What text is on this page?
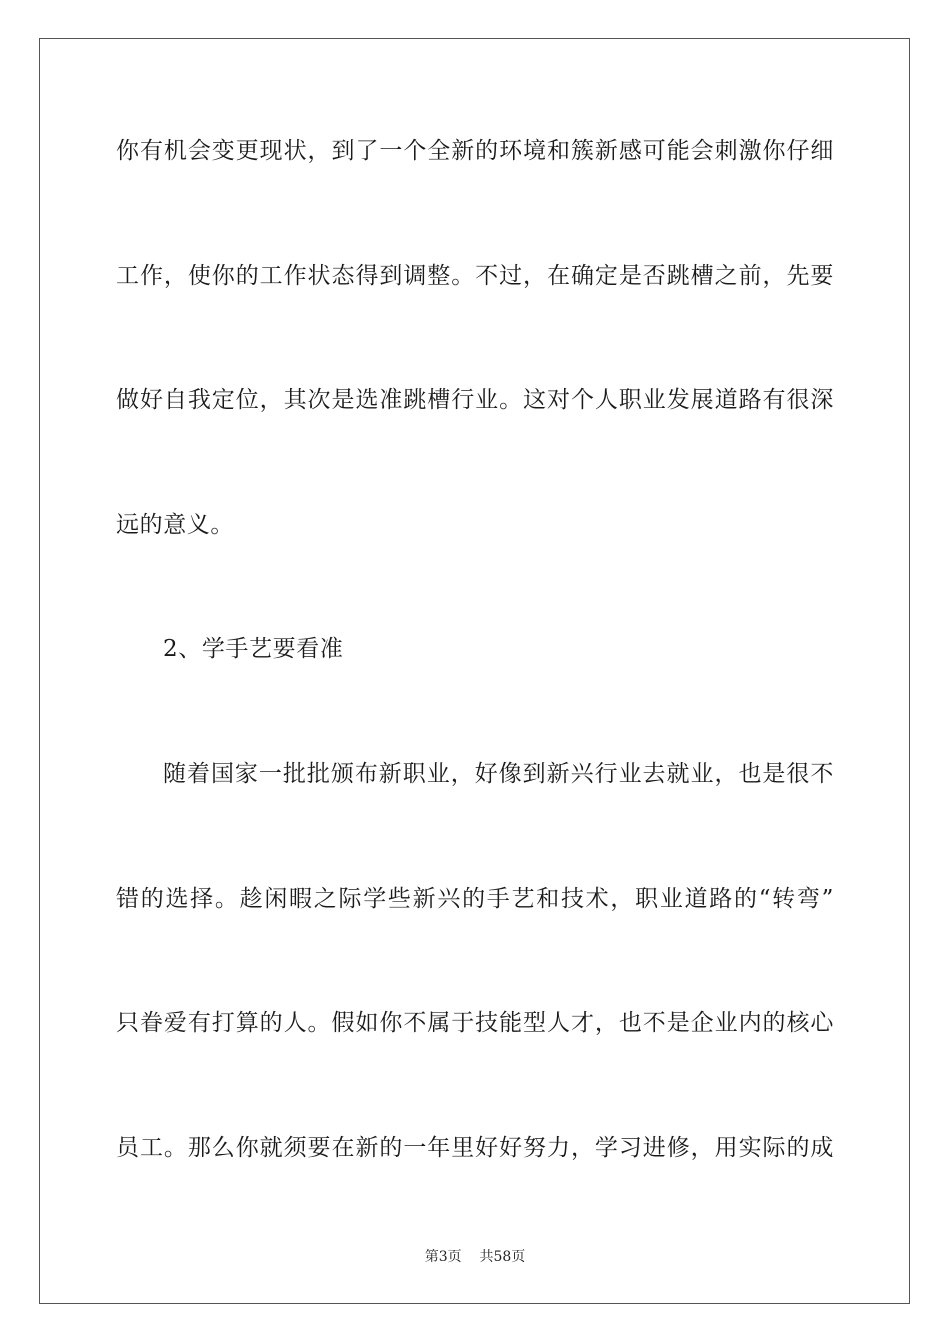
你有机会变更现状，到了一个全新的环境和簇新感可能会刺激你仔细
工作，使你的工作状态得到调整。不过，在确定是否跳槽之前，先要
做好自我定位，其次是选准跳槽行业。这对个人职业发展道路有很深
远的意义。
2、学手艺要看准
随着国家一批批颁布新职业，好像到新兴行业去就业，也是很不
错的选择。趁闲暇之际学些新兴的手艺和技术，职业道路的“转弯”
只眷爱有打算的人。假如你不属于技能型人才，也不是企业内的核心
员工。那么你就须要在新的一年里好好努力，学习进修，用实际的成
第3页 共58页
